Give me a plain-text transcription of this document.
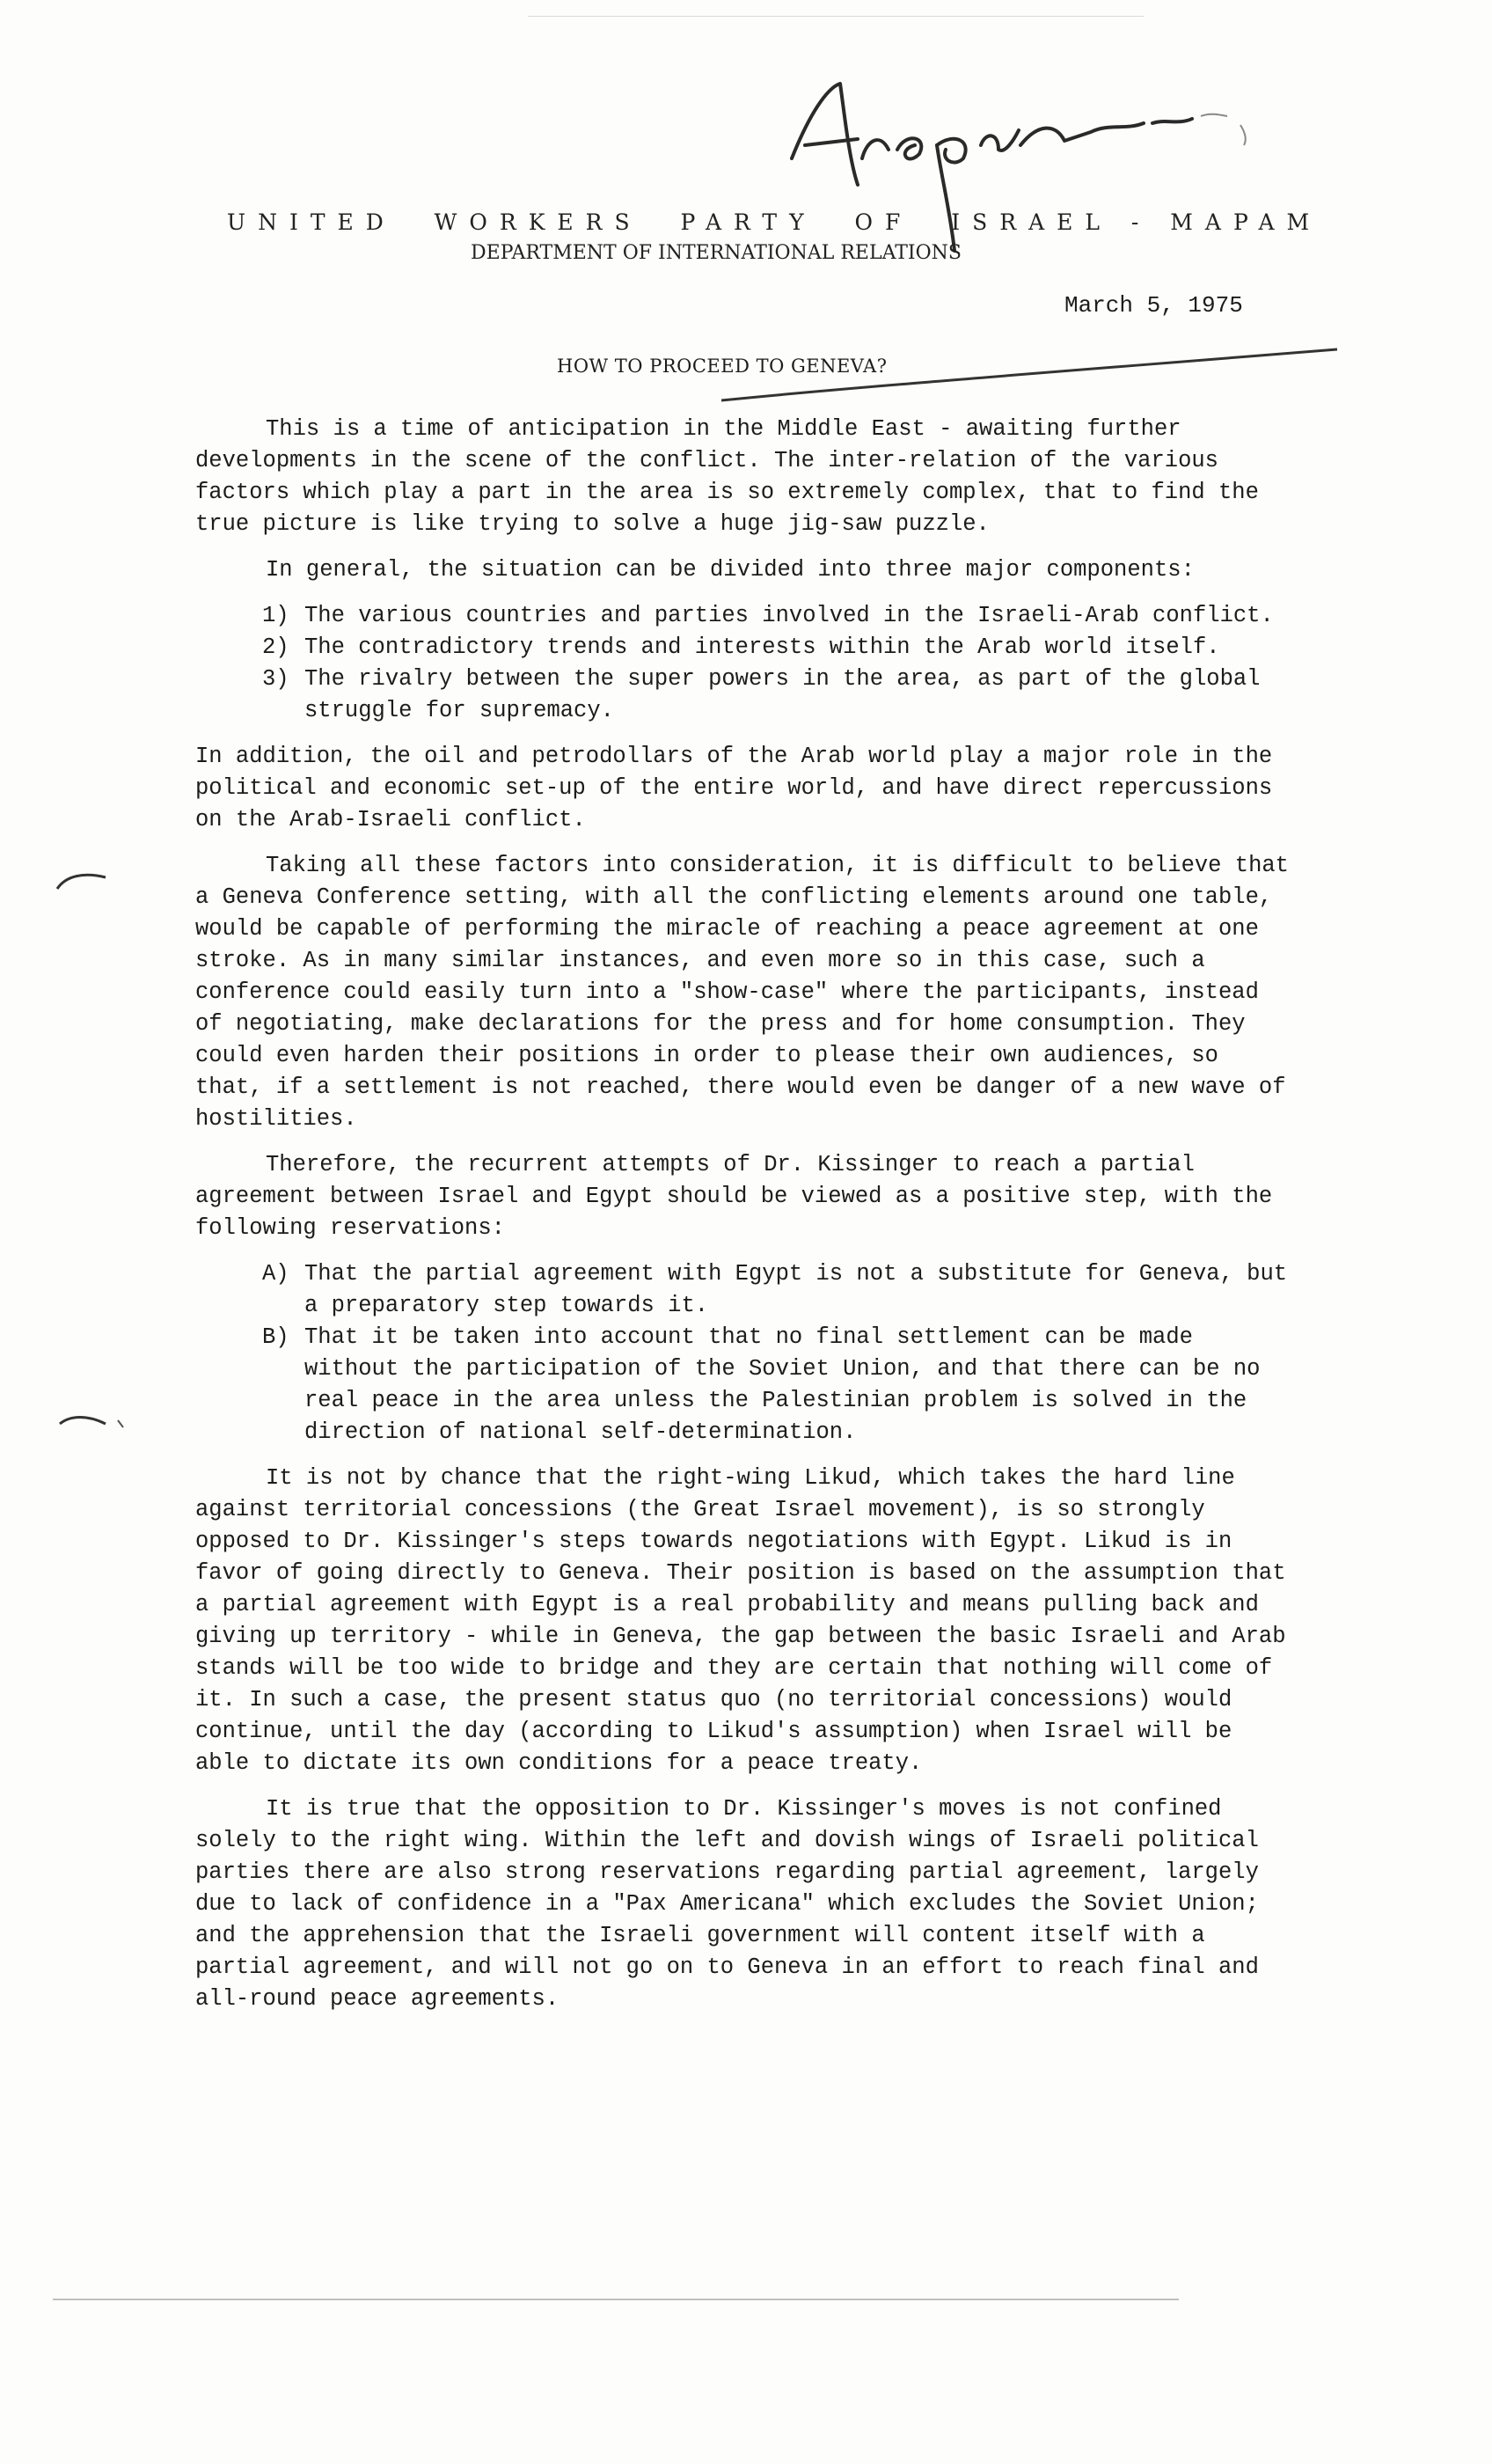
UNITED  WORKERS  PARTY  OF  ISRAEL - MAPAM
DEPARTMENT OF INTERNATIONAL RELATIONS
March 5, 1975
HOW TO PROCEED TO GENEVA?

This is a time of anticipation in the Middle East - awaiting further developments in the scene of the conflict. The inter-relation of the various factors which play a part in the area is so extremely complex, that to find the true picture is like trying to solve a huge jig-saw puzzle.

In general, the situation can be divided into three major components:

1) The various countries and parties involved in the Israeli-Arab conflict.
2) The contradictory trends and interests within the Arab world itself.
3) The rivalry between the super powers in the area, as part of the global struggle for supremacy.

In addition, the oil and petrodollars of the Arab world play a major role in the political and economic set-up of the entire world, and have direct repercussions on the Arab-Israeli conflict.

Taking all these factors into consideration, it is difficult to believe that a Geneva Conference setting, with all the conflicting elements around one table, would be capable of performing the miracle of reaching a peace agreement at one stroke. As in many similar instances, and even more so in this case, such a conference could easily turn into a "show-case" where the participants, instead of negotiating, make declarations for the press and for home consumption. They could even harden their positions in order to please their own audiences, so that, if a settlement is not reached, there would even be danger of a new wave of hostilities.

Therefore, the recurrent attempts of Dr. Kissinger to reach a partial agreement between Israel and Egypt should be viewed as a positive step, with the following reservations:

A) That the partial agreement with Egypt is not a substitute for Geneva, but a preparatory step towards it.
B) That it be taken into account that no final settlement can be made without the participation of the Soviet Union, and that there can be no real peace in the area unless the Palestinian problem is solved in the direction of national self-determination.

It is not by chance that the right-wing Likud, which takes the hard line against territorial concessions (the Great Israel movement), is so strongly opposed to Dr. Kissinger's steps towards negotiations with Egypt. Likud is in favor of going directly to Geneva. Their position is based on the assumption that a partial agreement with Egypt is a real probability and means pulling back and giving up territory - while in Geneva, the gap between the basic Israeli and Arab stands will be too wide to bridge and they are certain that nothing will come of it. In such a case, the present status quo (no territorial concessions) would continue, until the day (according to Likud's assumption) when Israel will be able to dictate its own conditions for a peace treaty.

It is true that the opposition to Dr. Kissinger's moves is not confined solely to the right wing. Within the left and dovish wings of Israeli political parties there are also strong reservations regarding partial agreement, largely due to lack of confidence in a "Pax Americana" which excludes the Soviet Union; and the apprehension that the Israeli government will content itself with a partial agreement, and will not go on to Geneva in an effort to reach final and all-round peace agreements.
